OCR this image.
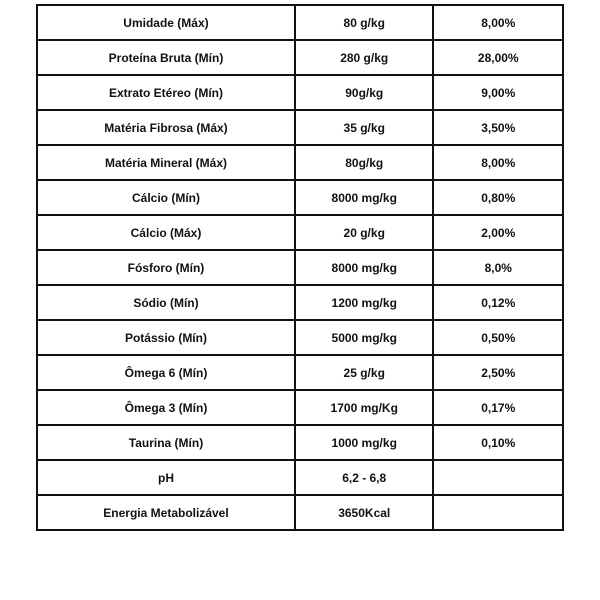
Umidade (Máx)	80 g/kg	8,00%
Proteína Bruta (Mín)	280 g/kg	28,00%
Extrato Etéreo (Mín)	90g/kg	9,00%
Matéria Fibrosa (Máx)	35 g/kg	3,50%
Matéria Mineral (Máx)	80g/kg	8,00%
Cálcio (Mín)	8000 mg/kg	0,80%
Cálcio (Máx)	20 g/kg	2,00%
Fósforo (Mín)	8000 mg/kg	8,0%
Sódio (Mín)	1200 mg/kg	0,12%
Potássio (Mín)	5000 mg/kg	0,50%
Ômega 6 (Mín)	25 g/kg	2,50%
Ômega 3 (Mín)	1700 mg/Kg	0,17%
Taurina (Mín)	1000 mg/kg	0,10%
pH	6,2 - 6,8	
Energia Metabolizável	3650Kcal	
